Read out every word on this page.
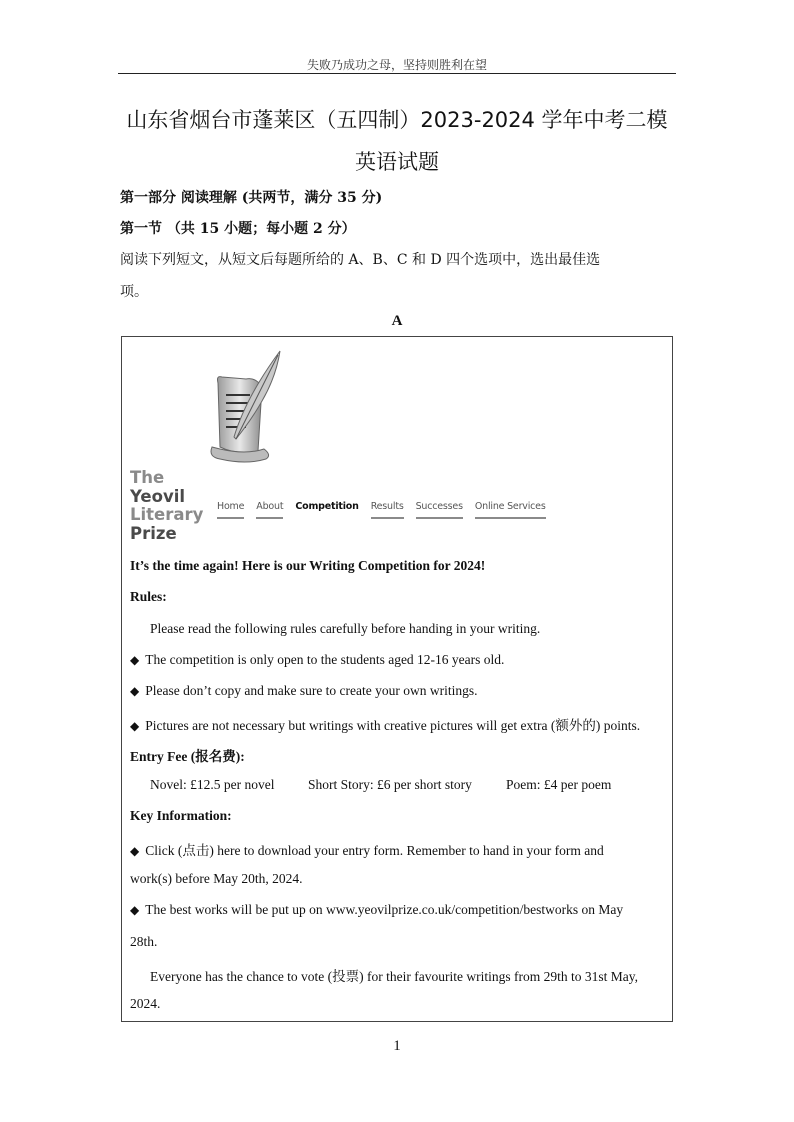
失败乃成功之母，坚持则胜利在望
山东省烟台市蓬莱区（五四制）2023-2024 学年中考二模
英语试题
第一部分 阅读理解 (共两节，满分 35 分)
第一节 （共 15 小题；每小题 2 分）
阅读下列短文，从短文后每题所给的 A、B、C 和 D 四个选项中，选出最佳选
项。
A
The
Yeovil
Literary
Prize
Home About Competition Results Successes Online Services
It’s the time again! Here is our Writing Competition for 2024!
Rules:
Please read the following rules carefully before handing in your writing.
◆ The competition is only open to the students aged 12-16 years old.
◆ Please don’t copy and make sure to create your own writings.
◆ Pictures are not necessary but writings with creative pictures will get extra (额外的) points.
Entry Fee (报名费):
Novel: £12.5 per novel Short Story: £6 per short story	Poem: £4 per poem
Key Information:
◆ Click (点击) here to download your entry form. Remember to hand in your form and
work(s) before May 20th, 2024.
◆ The best works will be put up on www.yeovilprize.co.uk/competition/bestworks on May
28th.
Everyone has the chance to vote (投票) for their favourite writings from 29th to 31st May,
2024.
1
